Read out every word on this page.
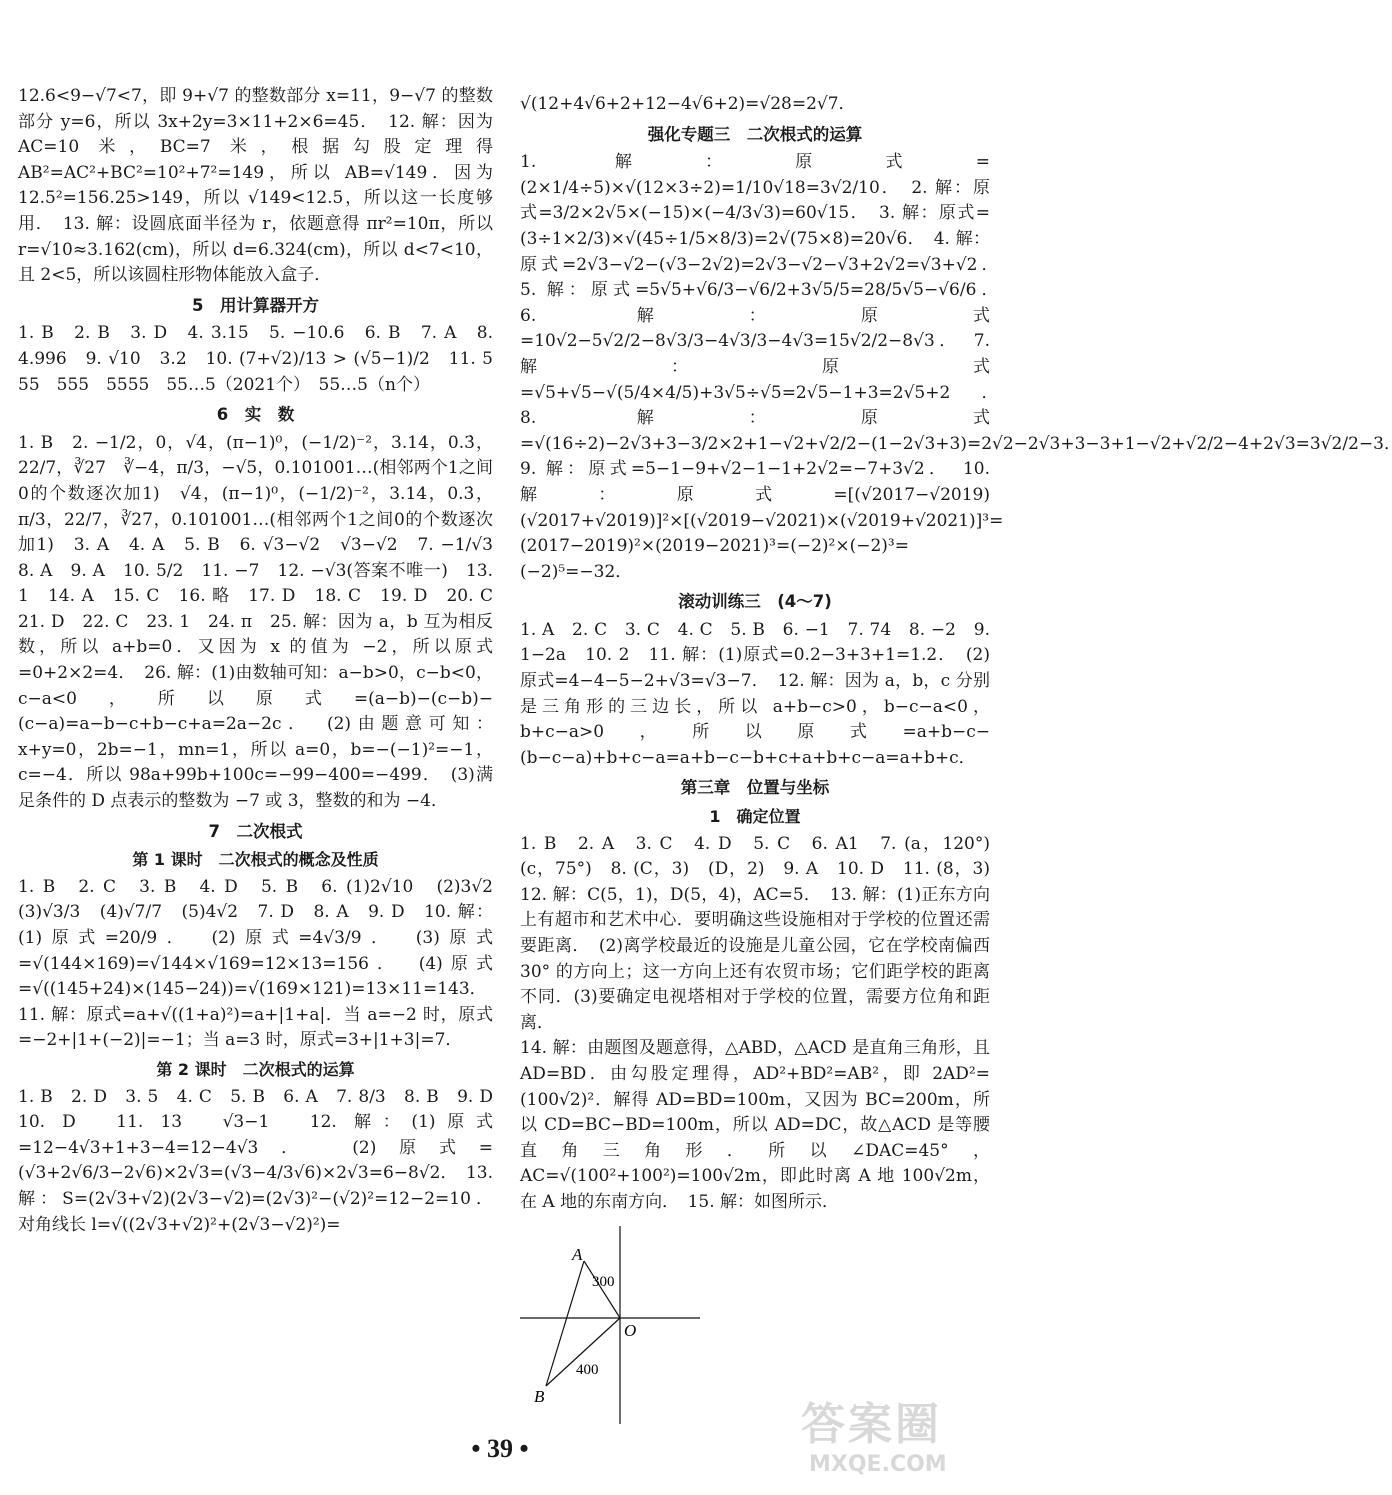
12.6<9−√7<7，即 9+√7 的整数部分 x=11，9−√7 的整数部分 y=6，所以 3x+2y=3×11+2×6=45．　12. 解：因为 AC=10 米，BC=7 米，根据勾股定理得 AB²=AC²+BC²=10²+7²=149，所以 AB=√149．因为 12.5²=156.25>149，所以 √149<12.5，所以这一长度够用．　13. 解：设圆底面半径为 r，依题意得 πr²=10π，所以 r=√10≈3.162(cm)，所以 d=6.324(cm)，所以 d<7<10，且 2<5，所以该圆柱形物体能放入盒子．

5　用计算器开方

1. B　2. B　3. D　4. 3.15　5. −10.6　6. B　7. A　8. 4.996　9. √10　3.2　10. (7+√2)/13 > (√5−1)/2　11. 5　55　555　5555　55…5（2021个）　55…5（n个）

6　实　数

1. B　2. −1/2，0，√4，(π−1)⁰，(−1/2)⁻²，3.14，0.3̇，22/7，∛27　∛−4，π/3，−√5，0.101001…(相邻两个1之间0的个数逐次加1)　√4，(π−1)⁰，(−1/2)⁻²，3.14，0.3̇，π/3，22/7，∛27，0.101001…(相邻两个1之间0的个数逐次加1)　3. A　4. A　5. B　6. √3−√2　√3−√2　7. −1/√3　8. A　9. A　10. 5/2　11. −7　12. −√3(答案不唯一)　13. 1　14. A　15. C　16. 略　17. D　18. C　19. D　20. C　21. D　22. C　23. 1　24. π　25. 解：因为 a，b 互为相反数，所以 a+b=0．又因为 x 的值为 −2，所以原式=0+2×2=4．　26. 解：(1)由数轴可知：a−b>0，c−b<0，c−a<0，所以原式=(a−b)−(c−b)−(c−a)=a−b−c+b−c+a=2a−2c．　(2)由题意可知：x+y=0，2b=−1，mn=1，所以 a=0，b=−(−1)²=−1，c=−4．所以 98a+99b+100c=−99−400=−499．　(3)满足条件的 D 点表示的整数为 −7 或 3，整数的和为 −4．

7　二次根式
第 1 课时　二次根式的概念及性质

1. B　2. C　3. B　4. D　5. B　6. (1)2√10　(2)3√2　(3)√3/3　(4)√7/7　(5)4√2　7. D　8. A　9. D　10. 解：(1)原式=20/9．　(2)原式=4√3/9．　(3)原式=√(144×169)=√144×√169=12×13=156．　(4)原式=√((145+24)×(145−24))=√(169×121)=13×11=143．

11. 解：原式=a+√((1+a)²)=a+|1+a|．当 a=−2 时，原式=−2+|1+(−2)|=−1；当 a=3 时，原式=3+|1+3|=7．

第 2 课时　二次根式的运算

1. B　2. D　3. 5　4. C　5. B　6. A　7. 8/3　8. B　9. D　10. D　11. 13　√3−1　12. 解：(1)原式=12−4√3+1+3−4=12−4√3．　(2)原式=(√3+2√6/3−2√6)×2√3=(√3−4/3√6)×2√3=6−8√2．　13. 解：S=(2√3+√2)(2√3−√2)=(2√3)²−(√2)²=12−2=10．对角线长 l=√((2√3+√2)²+(2√3−√2)²)=

√(12+4√6+2+12−4√6+2)=√28=2√7．

强化专题三　二次根式的运算

1. 解：原式=(2×1/4÷5)×√(12×3÷2)=1/10√18=3√2/10．　2. 解：原式=3/2×2√5×(−15)×(−4/3√3)=60√15．　3. 解：原式=(3÷1×2/3)×√(45÷1/5×8/3)=2√(75×8)=20√6．　4. 解：原式=2√3−√2−(√3−2√2)=2√3−√2−√3+2√2=√3+√2．　5. 解：原式=5√5+√6/3−√6/2+3√5/5=28/5√5−√6/6．　6. 解：原式=10√2−5√2/2−8√3/3−4√3/3−4√3=15√2/2−8√3．　7. 解：原式=√5+√5−√(5/4×4/5)+3√5÷√5=2√5−1+3=2√5+2．　8. 解：原式=√(16÷2)−2√3+3−3/2×2+1−√2+√2/2−(1−2√3+3)=2√2−2√3+3−3+1−√2+√2/2−4+2√3=3√2/2−3．　9. 解：原式=5−1−9+√2−1−1+2√2=−7+3√2．　10. 解：原式=[(√2017−√2019)(√2017+√2019)]²×[(√2019−√2021)×(√2019+√2021)]³=(2017−2019)²×(2019−2021)³=(−2)²×(−2)³=(−2)⁵=−32．

滚动训练三　(4～7)

1. A　2. C　3. C　4. C　5. B　6. −1　7. 74　8. −2　9. 1−2a　10. 2　11. 解：(1)原式=0.2−3+3+1=1.2．　(2)原式=4−4−5−2+√3=√3−7．　12. 解：因为 a，b，c 分别是三角形的三边长，所以 a+b−c>0，b−c−a<0，b+c−a>0，所以原式=a+b−c−(b−c−a)+b+c−a=a+b−c−b+c+a+b+c−a=a+b+c．

第三章　位置与坐标
1　确定位置

1. B　2. A　3. C　4. D　5. C　6. A1　7. (a，120°)　(c，75°)　8. (C，3)　(D，2)　9. A　10. D　11. (8，3)　12. 解：C(5，1)，D(5，4)，AC=5．　13. 解：(1)正东方向上有超市和艺术中心．要明确这些设施相对于学校的位置还需要距离．　(2)离学校最近的设施是儿童公园，它在学校南偏西 30° 的方向上；这一方向上还有农贸市场；它们距学校的距离不同．(3)要确定电视塔相对于学校的位置，需要方位角和距离．

14. 解：由题图及题意得，△ABD，△ACD 是直角三角形，且 AD=BD．由勾股定理得，AD²+BD²=AB²，即 2AD²=(100√2)²．解得 AD=BD=100m，又因为 BC=200m，所以 CD=BC−BD=100m，所以 AD=DC，故△ACD 是等腰直角三角形．所以∠DAC=45°，AC=√(100²+100²)=100√2m，即此时离 A 地 100√2m，在 A 地的东南方向．　15. 解：如图所示．

A
B
O
300
400
• 39 •	答案圈
MXQE.COM
